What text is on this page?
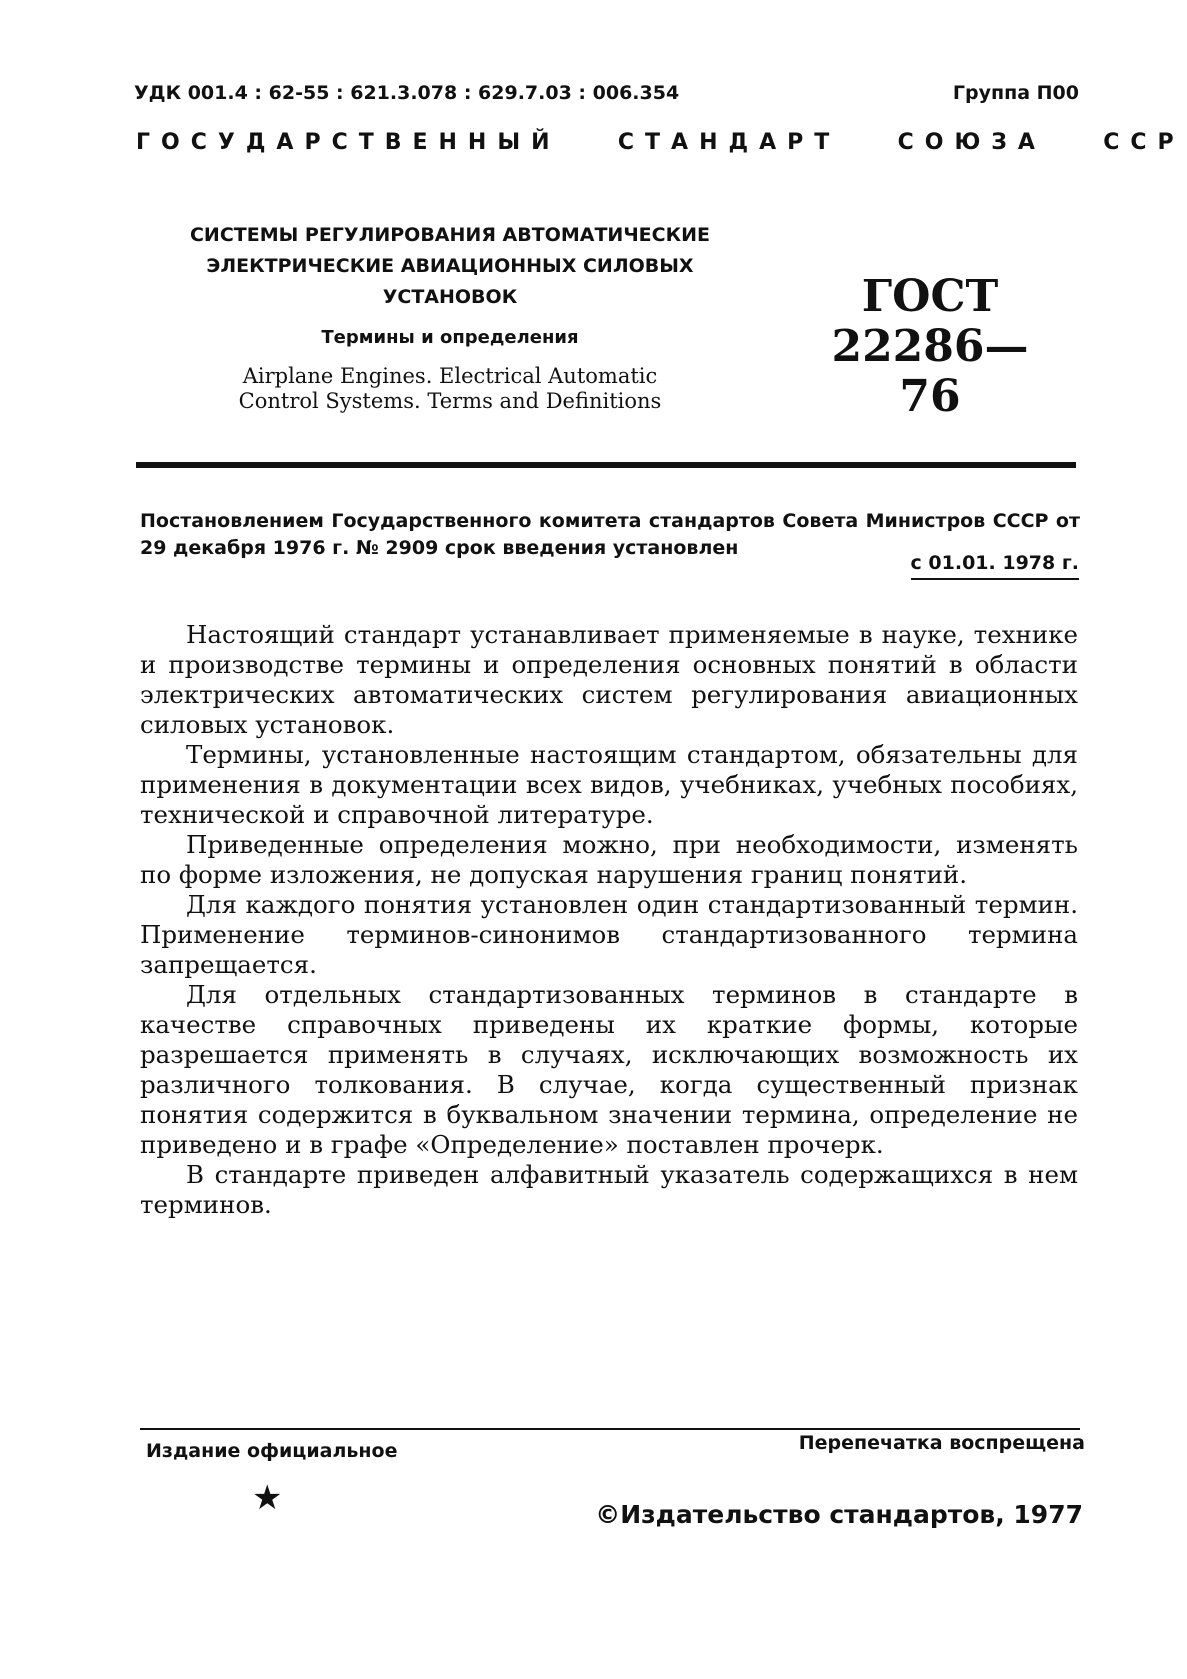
УДК 001.4 : 62-55 : 621.3.078 : 629.7.03 : 006.354	Группа П00
ГОСУДАРСТВЕННЫЙ	СТАНДАРТ	СОЮЗА	ССР
СИСТЕМЫ РЕГУЛИРОВАНИЯ АВТОМАТИЧЕСКИЕ
ЭЛЕКТРИЧЕСКИЕ АВИАЦИОННЫХ СИЛОВЫХ
УСТАНОВОК
Термины и определения
Airplane Engines. Electrical Automatic
Control Systems. Terms and Definitions
ГОСТ
22286—76
Постановлением Государственного комитета стандартов Совета Министров СССР от 29 декабря 1976 г. № 2909 срок введения установлен
с 01.01. 1978 г.

Настоящий стандарт устанавливает применяемые в науке, технике и производстве термины и определения основных понятий в области электрических автоматических систем регулирования авиационных силовых установок.

Термины, установленные настоящим стандартом, обязательны для применения в документации всех видов, учебниках, учебных пособиях, технической и справочной литературе.

Приведенные определения можно, при необходимости, изменять по форме изложения, не допуская нарушения границ понятий.

Для каждого понятия установлен один стандартизованный термин. Применение терминов-синонимов стандартизованного термина запрещается.

Для отдельных стандартизованных терминов в стандарте в качестве справочных приведены их краткие формы, которые разрешается применять в случаях, исключающих возможность их различного толкования. В случае, когда существенный признак понятия содержится в буквальном значении термина, определение не приведено и в графе «Определение» поставлен прочерк.

В стандарте приведен алфавитный указатель содержащихся в нем терминов.

Издание официальное	Перепечатка воспрещена
★	©Издательство стандартов, 1977
